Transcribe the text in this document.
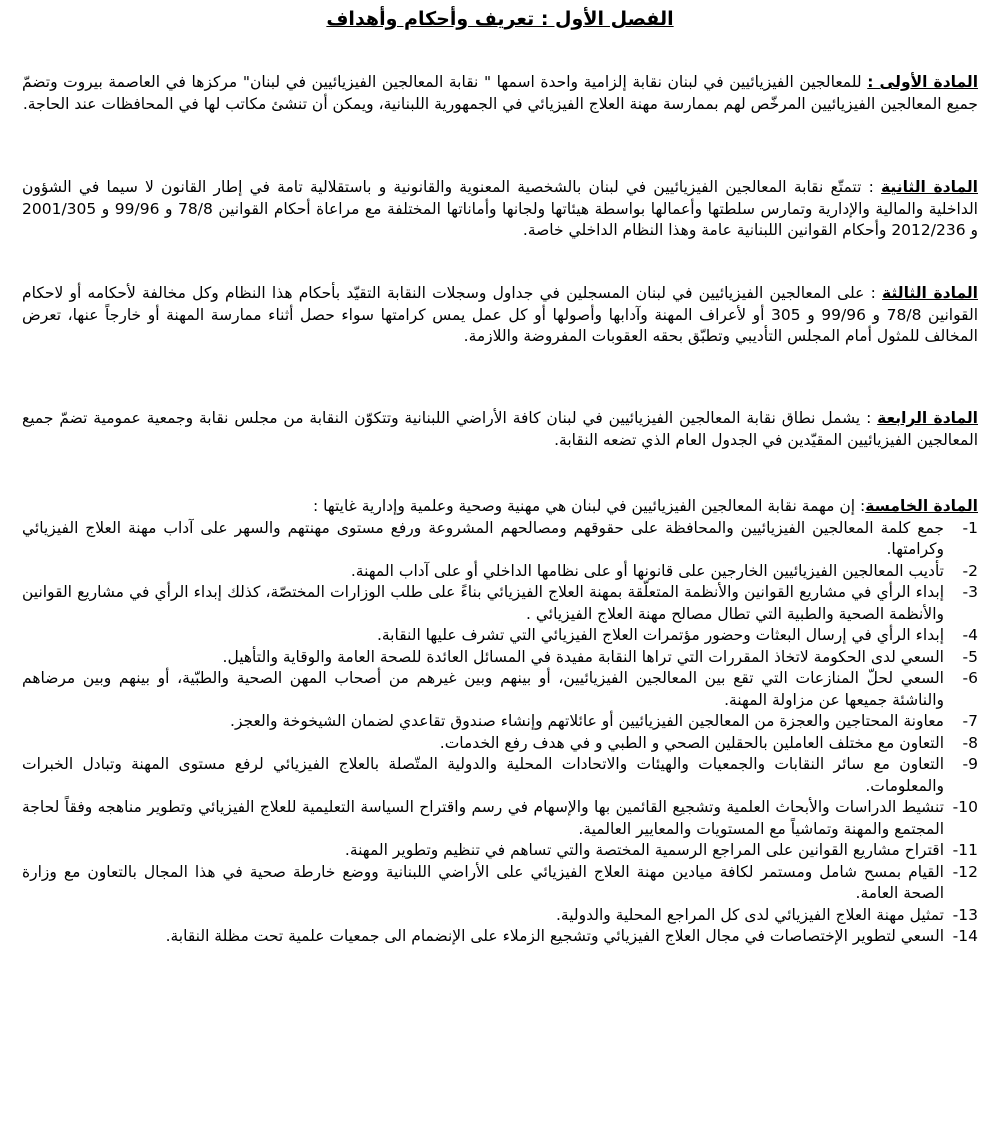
الفصل الأول : تعريف وأحكام وأهداف

المادة الأولى : للمعالجين الفيزيائيين في لبنان نقابة إلزامية واحدة اسمها " نقابة المعالجين الفيزيائيين في لبنان" مركزها في العاصمة بيروت وتضمّ جميع المعالجين الفيزيائيين المرخّص لهم بممارسة مهنة العلاج الفيزيائي في الجمهورية اللبنانية، ويمكن أن تنشئ مكاتب لها في المحافظات عند الحاجة.

المادة الثانية : تتمتّع نقابة المعالجين الفيزيائيين في لبنان بالشخصية المعنوية والقانونية و باستقلالية تامة في إطار القانون لا سيما في الشؤون الداخلية والمالية والإدارية وتمارس سلطتها وأعمالها بواسطة هيئاتها ولجانها وأماناتها المختلفة مع مراعاة أحكام القوانين 78/8 و 99/96 و 2001/305 و 2012/236 وأحكام القوانين اللبنانية عامة وهذا النظام الداخلي خاصة.

المادة الثالثة : على المعالجين الفيزيائيين في لبنان المسجلين في جداول وسجلات النقابة التقيّد بأحكام هذا النظام وكل مخالفة لأحكامه أو لاحكام القوانين 78/8 و 99/96 و 305 أو لأعراف المهنة وآدابها وأصولها أو كل عمل يمس كرامتها سواء حصل أثناء ممارسة المهنة أو خارجاً عنها، تعرض المخالف للمثول أمام المجلس التأديبي وتطبّق بحقه العقوبات المفروضة واللازمة.

المادة الرابعة : يشمل نطاق نقابة المعالجين الفيزيائيين في لبنان كافة الأراضي اللبنانية وتتكوّن النقابة من مجلس نقابة وجمعية عمومية تضمّ جميع المعالجين الفيزيائيين المقيّدين في الجدول العام الذي تضعه النقابة.

المادة الخامسة: إن مهمة نقابة المعالجين الفيزيائيين في لبنان هي مهنية وصحية وعلمية وإدارية غايتها :

-1
جمع كلمة المعالجين الفيزيائيين والمحافظة على حقوقهم ومصالحهم المشروعة ورفع مستوى مهنتهم والسهر على آداب مهنة العلاج الفيزيائي وكرامتها.
-2
تأديب المعالجين الفيزيائيين الخارجين على قانونها أو على نظامها الداخلي أو على آداب المهنة.
-3
إبداء الرأي في مشاريع القوانين والأنظمة المتعلّقة بمهنة العلاج الفيزيائي بناءً على طلب الوزارات المختصّة، كذلك إبداء الرأي في مشاريع القوانين والأنظمة الصحية والطبية التي تطال مصالح مهنة العلاج الفيزيائي .
-4
إبداء الرأي في إرسال البعثات وحضور مؤتمرات العلاج الفيزيائي التي تشرف عليها النقابة.
-5
السعي لدى الحكومة لاتخاذ المقررات التي تراها النقابة مفيدة في المسائل العائدة للصحة العامة والوقاية والتأهيل.
-6
السعي لحلّ المنازعات التي تقع بين المعالجين الفيزيائيين، أو بينهم وبين غيرهم من أصحاب المهن الصحية والطبّية، أو بينهم وبين مرضاهم والناشئة جميعها عن مزاولة المهنة.
-7
معاونة المحتاجين والعجزة من المعالجين الفيزيائيين أو عائلاتهم وإنشاء صندوق تقاعدي لضمان الشيخوخة والعجز.
-8
التعاون مع مختلف العاملين بالحقلين الصحي و الطبي و في هدف رفع الخدمات.
-9
التعاون مع سائر النقابات والجمعيات والهيئات والاتحادات المحلية والدولية المتّصلة بالعلاج الفيزيائي لرفع مستوى المهنة وتبادل الخبرات والمعلومات.
-10
تنشيط الدراسات والأبحاث العلمية وتشجيع القائمين بها والإسهام في رسم واقتراح السياسة التعليمية للعلاج الفيزيائي وتطوير مناهجه وفقاً لحاجة المجتمع والمهنة وتماشياً مع المستويات والمعايير العالمية.
-11
اقتراح مشاريع القوانين على المراجع الرسمية المختصة والتي تساهم في تنظيم وتطوير المهنة.
-12
القيام بمسح شامل ومستمر لكافة ميادين مهنة العلاج الفيزيائي على الأراضي اللبنانية ووضع خارطة صحية في هذا المجال بالتعاون مع وزارة الصحة العامة.
-13
تمثيل مهنة العلاج الفيزيائي لدى كل المراجع المحلية والدولية.
-14
السعي لتطوير الإختصاصات في مجال العلاج الفيزيائي وتشجيع الزملاء على الإنضمام الى جمعيات علمية تحت مظلة النقابة.
